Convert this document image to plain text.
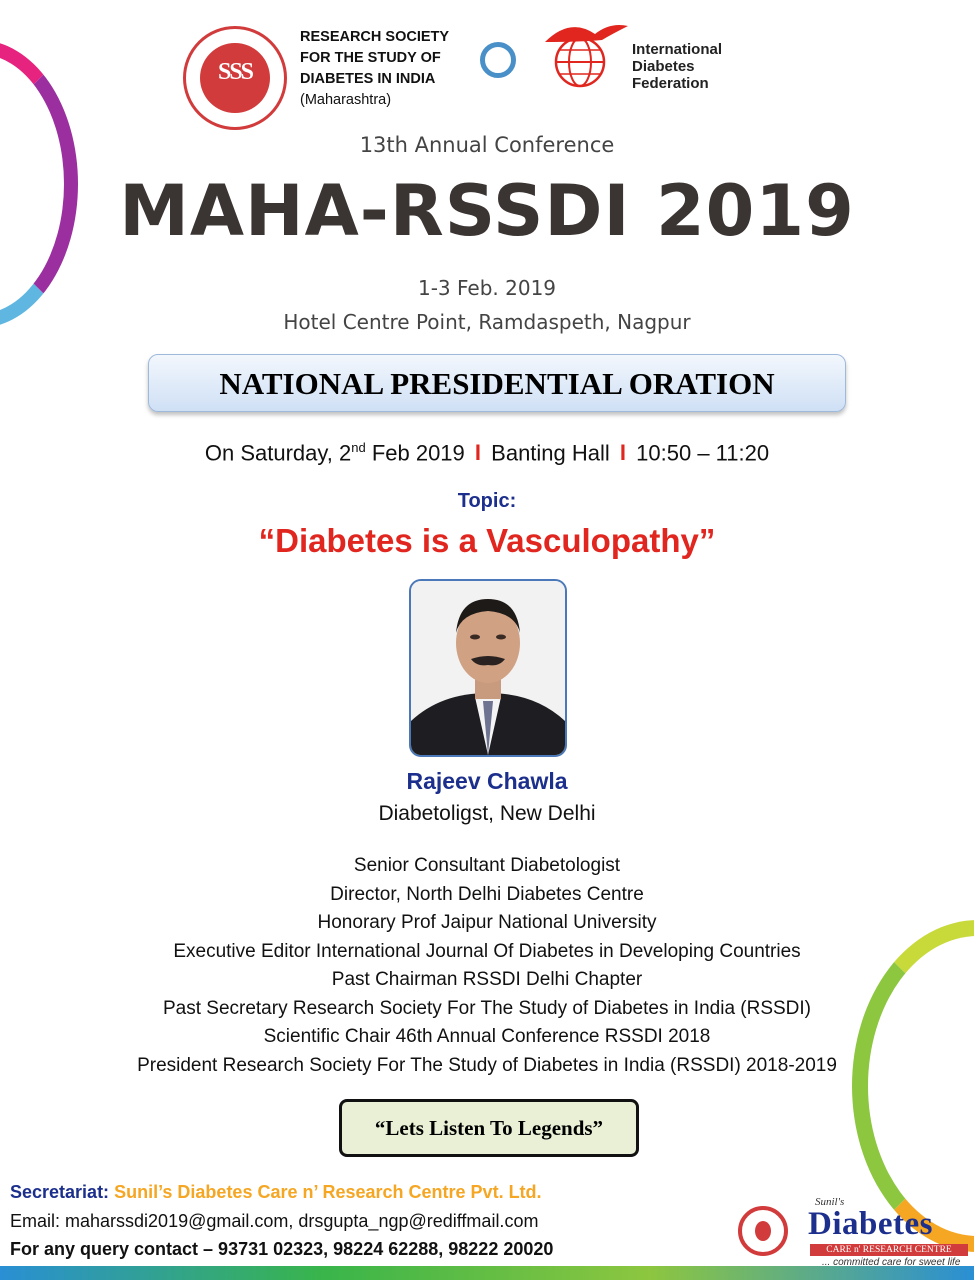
SSS
RESEARCH SOCIETY
FOR THE STUDY OF
DIABETES IN INDIA
(Maharashtra)
International
Diabetes
Federation
13th Annual Conference
MAHA-RSSDI 2019
1-3 Feb. 2019
Hotel Centre Point, Ramdaspeth, Nagpur
NATIONAL PRESIDENTIAL ORATION
On Saturday, 2nd Feb 2019 I Banting Hall I 10:50 – 11:20
Topic:
“Diabetes is a Vasculopathy”
Rajeev Chawla
Diabetoligst, New Delhi
Senior Consultant Diabetologist
Director, North Delhi Diabetes Centre
Honorary Prof Jaipur National University
Executive Editor International Journal Of Diabetes in Developing Countries
Past Chairman RSSDI Delhi Chapter
Past Secretary Research Society For The Study of Diabetes in India (RSSDI)
Scientific Chair 46th Annual Conference RSSDI 2018
President Research Society For The Study of Diabetes in India (RSSDI) 2018-2019
“Lets Listen To Legends”
Secretariat: Sunil’s Diabetes Care n’ Research Centre Pvt. Ltd.
Email: maharssdi2019@gmail.com, drsgupta_ngp@rediffmail.com
For any query contact – 93731 02323, 98224 62288, 98222 20020
Sunil's
Diabetes
CARE n' RESEARCH CENTRE
... committed care for sweet life
